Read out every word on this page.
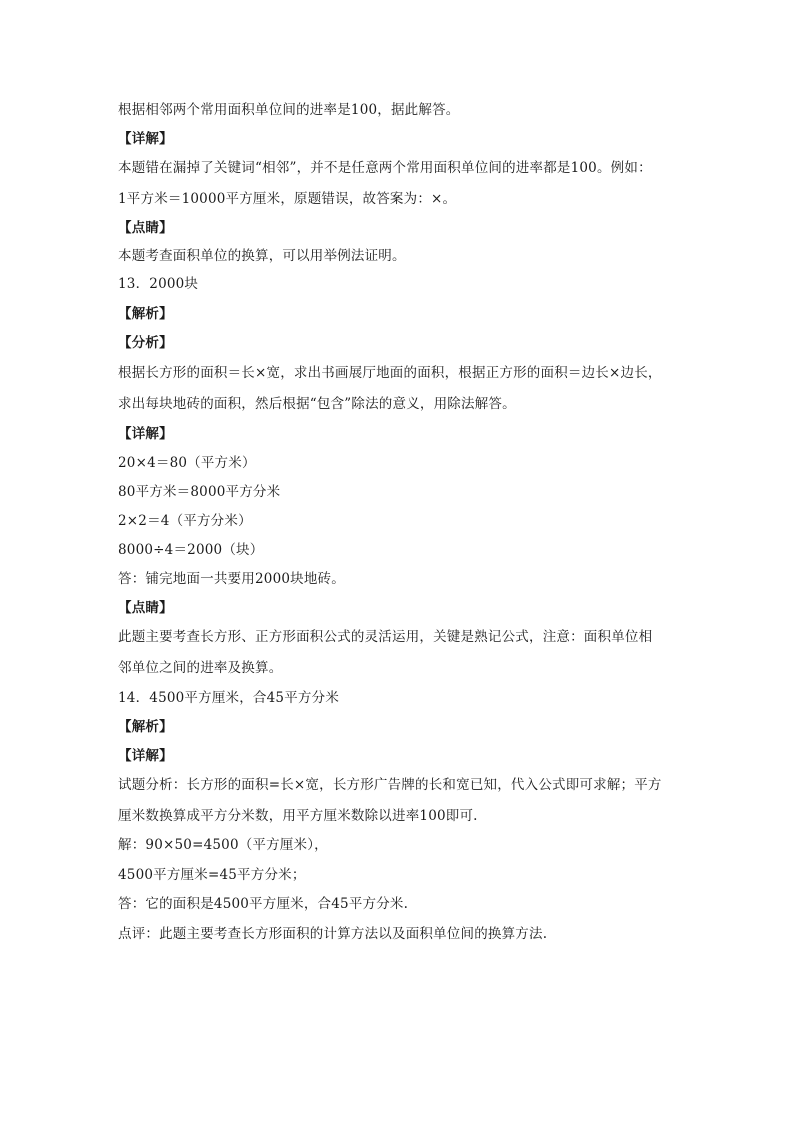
根据相邻两个常用面积单位间的进率是100，据此解答。
【详解】
本题错在漏掉了关键词“相邻”，并不是任意两个常用面积单位间的进率都是100。例如：
1平方米＝10000平方厘米，原题错误，故答案为：×。
【点睛】
本题考查面积单位的换算，可以用举例法证明。
13．2000块
【解析】
【分析】
根据长方形的面积＝长×宽，求出书画展厅地面的面积，根据正方形的面积＝边长×边长，
求出每块地砖的面积，然后根据“包含”除法的意义，用除法解答。
【详解】
20×4＝80（平方米）
80平方米＝8000平方分米
2×2＝4（平方分米）
8000÷4＝2000（块）
答：铺完地面一共要用2000块地砖。
【点睛】
此题主要考查长方形、正方形面积公式的灵活运用，关键是熟记公式，注意：面积单位相
邻单位之间的进率及换算。
14．4500平方厘米，合45平方分米
【解析】
【详解】
试题分析：长方形的面积=长×宽，长方形广告牌的长和宽已知，代入公式即可求解；平方
厘米数换算成平方分米数，用平方厘米数除以进率100即可.
解：90×50=4500（平方厘米），
4500平方厘米=45平方分米；
答：它的面积是4500平方厘米，合45平方分米.
点评：此题主要考查长方形面积的计算方法以及面积单位间的换算方法.
